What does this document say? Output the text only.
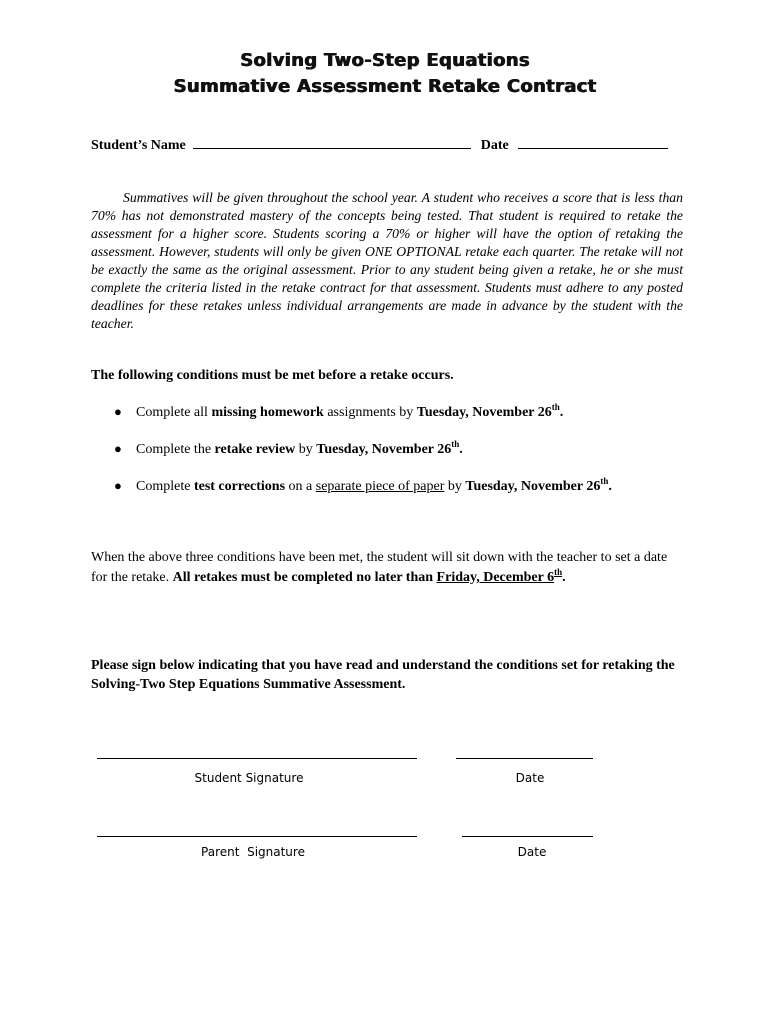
Solving Two-Step Equations
Summative Assessment Retake Contract
Student’s Name	Date

Summatives will be given throughout the school year. A student who receives a score that is less than 70% has not demonstrated mastery of the concepts being tested. That student is required to retake the assessment for a higher score. Students scoring a 70% or higher will have the option of retaking the assessment. However, students will only be given ONE OPTIONAL retake each quarter. The retake will not be exactly the same as the original assessment. Prior to any student being given a retake, he or she must complete the criteria listed in the retake contract for that assessment. Students must adhere to any posted deadlines for these retakes unless individual arrangements are made in advance by the student with the teacher.

The following conditions must be met before a retake occurs.
● Complete all missing homework assignments by Tuesday, November 26th.
● Complete the retake review by Tuesday, November 26th.
● Complete test corrections on a separate piece of paper by Tuesday, November 26th.

When the above three conditions have been met, the student will sit down with the teacher to set a date for the retake. All retakes must be completed no later than Friday, December 6th.

Please sign below indicating that you have read and understand the conditions set for retaking the Solving-Two Step Equations Summative Assessment.

Student Signature	Date
Parent  Signature	Date
